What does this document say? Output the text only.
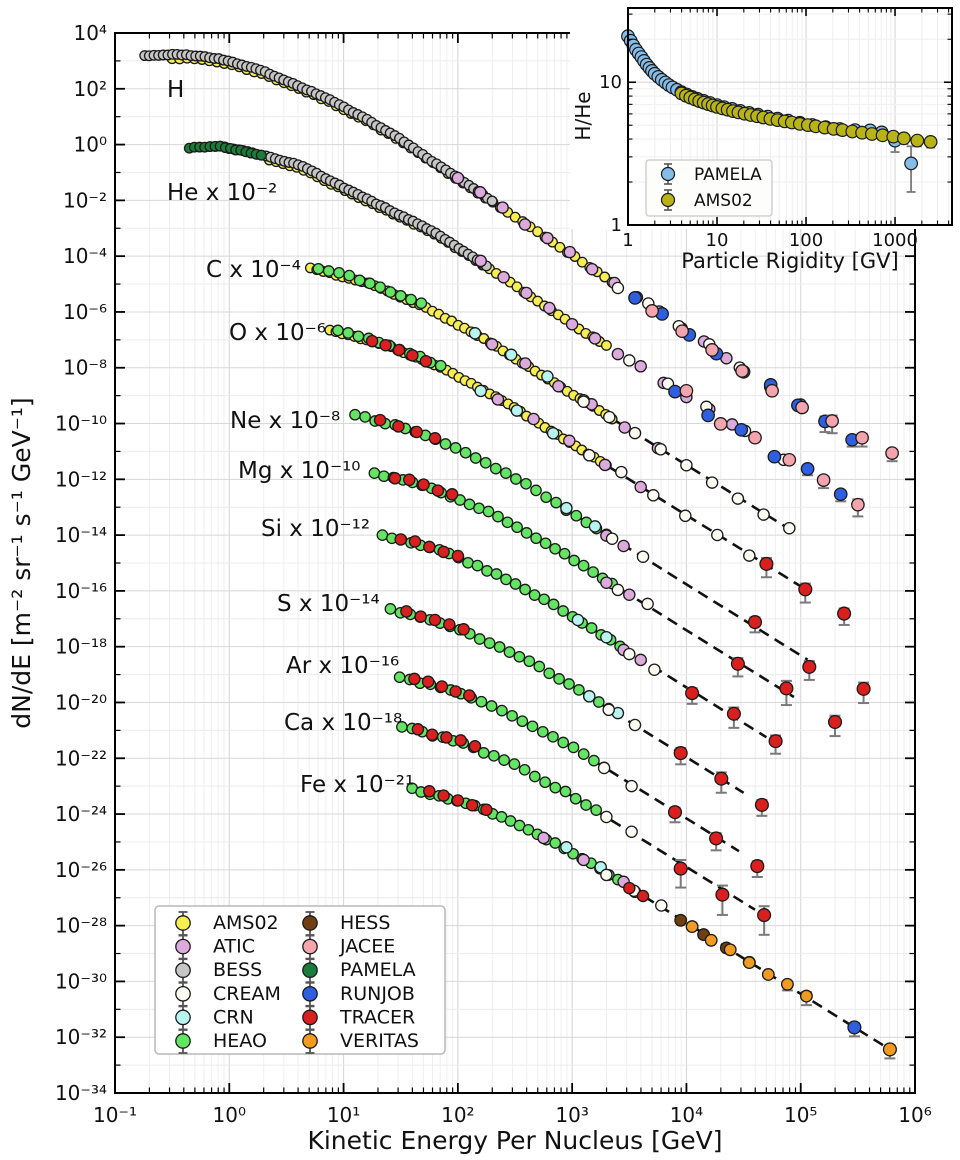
H
He x 10⁻²
C x 10⁻⁴
O x 10⁻⁶
Ne x 10⁻⁸
Mg x 10⁻¹⁰
Si x 10⁻¹²
S x 10⁻¹⁴
Ar x 10⁻¹⁶
Ca x 10⁻¹⁸
Fe x 10⁻²¹
10⁻¹	10⁰	10¹	10²	10³	10⁴	10⁵	10⁶
10⁴
10²
10⁰
10⁻²
10⁻⁴
10⁻⁶
10⁻⁸
10⁻¹⁰
10⁻¹²
10⁻¹⁴
10⁻¹⁶
10⁻¹⁸
10⁻²⁰
10⁻²²
10⁻²⁴
10⁻²⁶
10⁻²⁸
10⁻³⁰
10⁻³²
10⁻³⁴
Kinetic Energy Per Nucleus [GeV]
dN/dE [m⁻² sr⁻¹ s⁻¹ GeV⁻¹]
AMS02
ATIC
BESS
CREAM
CRN
HEAO
HESS
JACEE
PAMELA
RUNJOB
TRACER
VERITAS
1	10	100	1000
1
10
Particle Rigidity [GV]
H/He
PAMELA
AMS02
